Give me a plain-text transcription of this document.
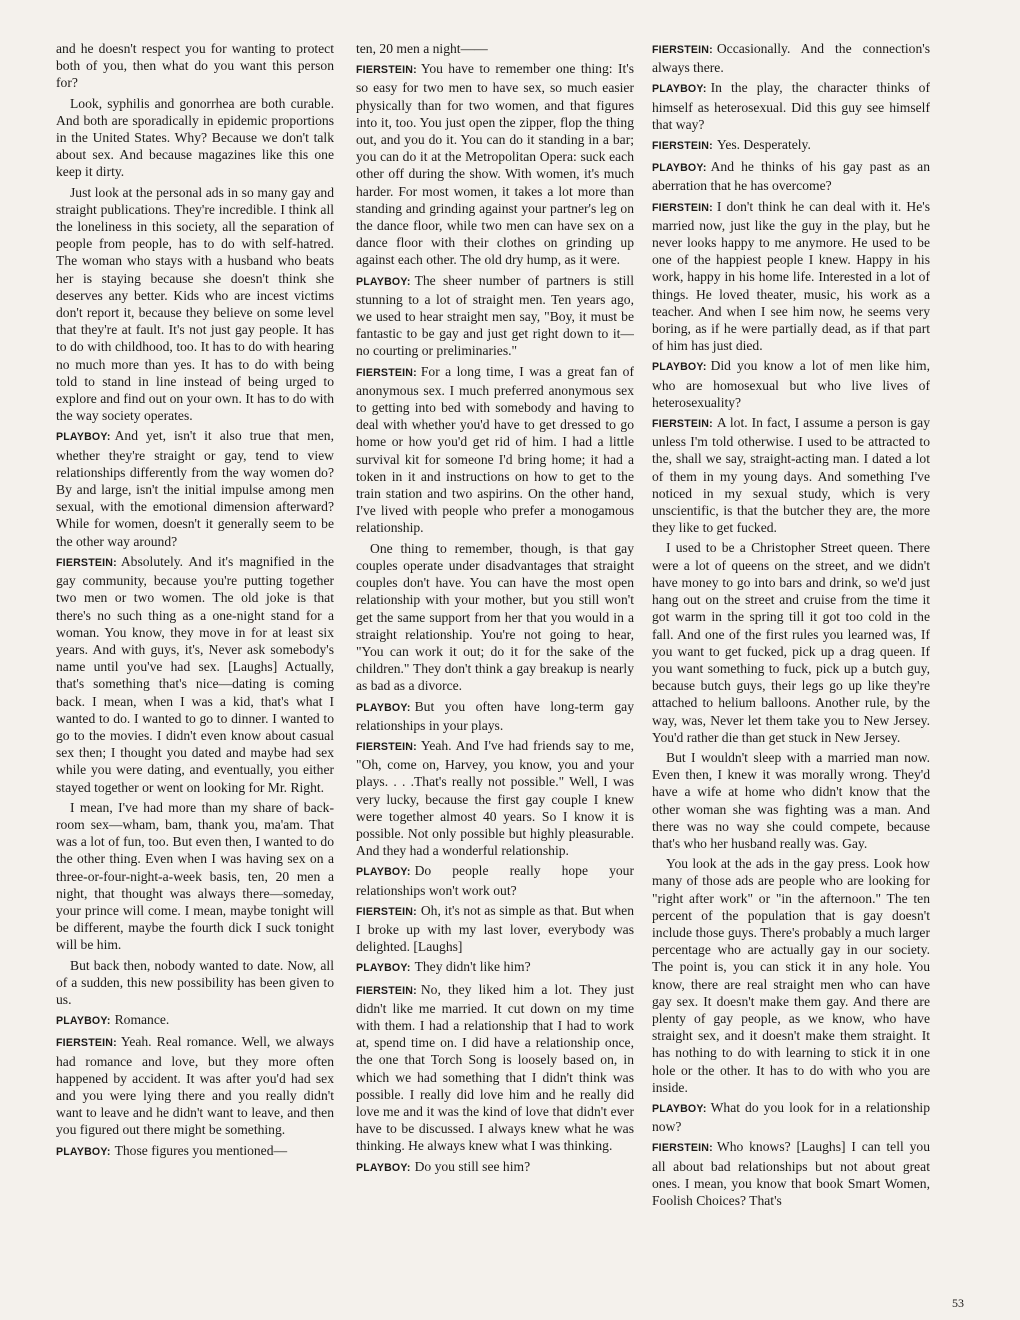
and he doesn't respect you for wanting to protect both of you, then what do you want this person for?

Look, syphilis and gonorrhea are both curable. And both are sporadically in epidemic proportions in the United States. Why? Because we don't talk about sex. And because magazines like this one keep it dirty.

Just look at the personal ads in so many gay and straight publications. They're incredible. I think all the loneliness in this society, all the separation of people from people, has to do with self-hatred. The woman who stays with a husband who beats her is staying because she doesn't think she deserves any better. Kids who are incest victims don't report it, because they believe on some level that they're at fault. It's not just gay people. It has to do with childhood, too. It has to do with hearing no much more than yes. It has to do with being told to stand in line instead of being urged to explore and find out on your own. It has to do with the way society operates.

PLAYBOY: And yet, isn't it also true that men, whether they're straight or gay, tend to view relationships differently from the way women do? By and large, isn't the initial impulse among men sexual, with the emotional dimension afterward? While for women, doesn't it generally seem to be the other way around?

FIERSTEIN: Absolutely. And it's magnified in the gay community, because you're putting together two men or two women. The old joke is that there's no such thing as a one-night stand for a woman. You know, they move in for at least six years. And with guys, it's, Never ask somebody's name until you've had sex. [Laughs] Actually, that's something that's nice—dating is coming back. I mean, when I was a kid, that's what I wanted to do. I wanted to go to dinner. I wanted to go to the movies. I didn't even know about casual sex then; I thought you dated and maybe had sex while you were dating, and eventually, you either stayed together or went on looking for Mr. Right.

I mean, I've had more than my share of back-room sex—wham, bam, thank you, ma'am. That was a lot of fun, too. But even then, I wanted to do the other thing. Even when I was having sex on a three-or-four-night-a-week basis, ten, 20 men a night, that thought was always there—someday, your prince will come. I mean, maybe tonight will be different, maybe the fourth dick I suck tonight will be him.

But back then, nobody wanted to date. Now, all of a sudden, this new possibility has been given to us.

PLAYBOY: Romance.

FIERSTEIN: Yeah. Real romance. Well, we always had romance and love, but they more often happened by accident. It was after you'd had sex and you were lying there and you really didn't want to leave and he didn't want to leave, and then you figured out there might be something.

PLAYBOY: Those figures you mentioned—

ten, 20 men a night——

FIERSTEIN: You have to remember one thing: It's so easy for two men to have sex, so much easier physically than for two women, and that figures into it, too. You just open the zipper, flop the thing out, and you do it. You can do it standing in a bar; you can do it at the Metropolitan Opera: suck each other off during the show. With women, it's much harder. For most women, it takes a lot more than standing and grinding against your partner's leg on the dance floor, while two men can have sex on a dance floor with their clothes on grinding up against each other. The old dry hump, as it were.

PLAYBOY: The sheer number of partners is still stunning to a lot of straight men. Ten years ago, we used to hear straight men say, "Boy, it must be fantastic to be gay and just get right down to it—no courting or preliminaries."

FIERSTEIN: For a long time, I was a great fan of anonymous sex. I much preferred anonymous sex to getting into bed with somebody and having to deal with whether you'd have to get dressed to go home or how you'd get rid of him. I had a little survival kit for someone I'd bring home; it had a token in it and instructions on how to get to the train station and two aspirins. On the other hand, I've lived with people who prefer a monogamous relationship.

One thing to remember, though, is that gay couples operate under disadvantages that straight couples don't have. You can have the most open relationship with your mother, but you still won't get the same support from her that you would in a straight relationship. You're not going to hear, "You can work it out; do it for the sake of the children." They don't think a gay breakup is nearly as bad as a divorce.

PLAYBOY: But you often have long-term gay relationships in your plays.

FIERSTEIN: Yeah. And I've had friends say to me, "Oh, come on, Harvey, you know, you and your plays. . . .That's really not possible." Well, I was very lucky, because the first gay couple I knew were together almost 40 years. So I know it is possible. Not only possible but highly pleasurable. And they had a wonderful relationship.

PLAYBOY: Do people really hope your relationships won't work out?

FIERSTEIN: Oh, it's not as simple as that. But when I broke up with my last lover, everybody was delighted. [Laughs]

PLAYBOY: They didn't like him?

FIERSTEIN: No, they liked him a lot. They just didn't like me married. It cut down on my time with them. I had a relationship that I had to work at, spend time on. I did have a relationship once, the one that Torch Song is loosely based on, in which we had something that I didn't think was possible. I really did love him and he really did love me and it was the kind of love that didn't ever have to be discussed. I always knew what he was thinking. He always knew what I was thinking.

PLAYBOY: Do you still see him?

FIERSTEIN: Occasionally. And the connection's always there.

PLAYBOY: In the play, the character thinks of himself as heterosexual. Did this guy see himself that way?

FIERSTEIN: Yes. Desperately.

PLAYBOY: And he thinks of his gay past as an aberration that he has overcome?

FIERSTEIN: I don't think he can deal with it. He's married now, just like the guy in the play, but he never looks happy to me anymore. He used to be one of the happiest people I knew. Happy in his work, happy in his home life. Interested in a lot of things. He loved theater, music, his work as a teacher. And when I see him now, he seems very boring, as if he were partially dead, as if that part of him has just died.

PLAYBOY: Did you know a lot of men like him, who are homosexual but who live lives of heterosexuality?

FIERSTEIN: A lot. In fact, I assume a person is gay unless I'm told otherwise. I used to be attracted to the, shall we say, straight-acting man. I dated a lot of them in my young days. And something I've noticed in my sexual study, which is very unscientific, is that the butcher they are, the more they like to get fucked.

I used to be a Christopher Street queen. There were a lot of queens on the street, and we didn't have money to go into bars and drink, so we'd just hang out on the street and cruise from the time it got warm in the spring till it got too cold in the fall. And one of the first rules you learned was, If you want to get fucked, pick up a drag queen. If you want something to fuck, pick up a butch guy, because butch guys, their legs go up like they're attached to helium balloons. Another rule, by the way, was, Never let them take you to New Jersey. You'd rather die than get stuck in New Jersey.

But I wouldn't sleep with a married man now. Even then, I knew it was morally wrong. They'd have a wife at home who didn't know that the other woman she was fighting was a man. And there was no way she could compete, because that's who her husband really was. Gay.

You look at the ads in the gay press. Look how many of those ads are people who are looking for "right after work" or "in the afternoon." The ten percent of the population that is gay doesn't include those guys. There's probably a much larger percentage who are actually gay in our society. The point is, you can stick it in any hole. You know, there are real straight men who can have gay sex. It doesn't make them gay. And there are plenty of gay people, as we know, who have straight sex, and it doesn't make them straight. It has nothing to do with learning to stick it in one hole or the other. It has to do with who you are inside.

PLAYBOY: What do you look for in a relationship now?

FIERSTEIN: Who knows? [Laughs] I can tell you all about bad relationships but not about great ones. I mean, you know that book Smart Women, Foolish Choices? That's

53
